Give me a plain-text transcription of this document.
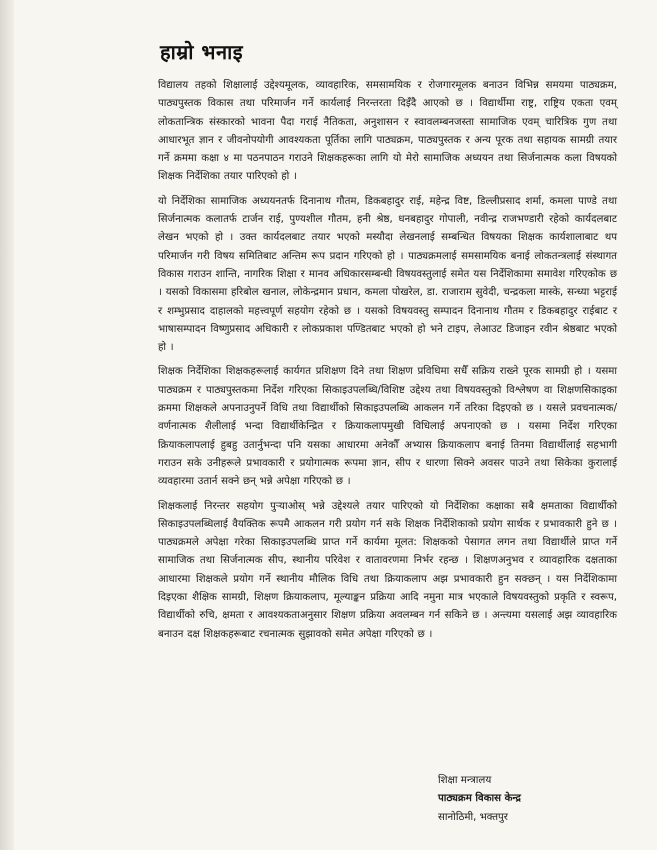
हाम्रो भनाइ

विद्यालय तहको शिक्षालाई उद्देश्यमूलक, व्यावहारिक, समसामयिक र रोजगारमूलक बनाउन विभिन्न समयमा पाठ्यक्रम, पाठ्यपुस्तक विकास तथा परिमार्जन गर्ने कार्यलाई निरन्तरता दिइँदै आएको छ । विद्यार्थीमा राष्ट्र, राष्ट्रिय एकता एवम् लोकतान्त्रिक संस्कारको भावना पैदा गराई नैतिकता, अनुशासन र स्वावलम्बनजस्ता सामाजिक एवम् चारित्रिक गुण तथा आधारभूत ज्ञान र जीवनोपयोगी आवश्यकता पूर्तिका लागि पाठ्यक्रम, पाठ्यपुस्तक र अन्य पूरक तथा सहायक सामग्री तयार गर्ने क्रममा कक्षा ४ मा पठनपाठन गराउने शिक्षकहरूका लागि यो मेरो सामाजिक अध्ययन तथा सिर्जनात्मक कला विषयको शिक्षक निर्देशिका तयार पारिएको हो ।

यो निर्देशिका सामाजिक अध्ययनतर्फ दिनानाथ गौतम, डिकबहादुर राई, महेन्द्र विष्ट, डिल्लीप्रसाद शर्मा, कमला पाण्डे तथा सिर्जनात्मक कलातर्फ टार्जन राई, पुण्यशील गौतम, हनी श्रेष्ठ, धनबहादुर गोपाली, नवीन्द्र राजभण्डारी रहेको कार्यदलबाट लेखन भएको हो । उक्त कार्यदलबाट तयार भएको मस्यौदा लेखनलाई सम्बन्धित विषयका शिक्षक कार्यशालाबाट थप परिमार्जन गरी विषय समितिबाट अन्तिम रूप प्रदान गरिएको हो । पाठ्यक्रमलाई समसामयिक बनाई लोकतन्त्रलाई संस्थागत विकास गराउन शान्ति, नागरिक शिक्षा र मानव अधिकारसम्बन्धी विषयवस्तुलाई समेत यस निर्देशिकामा समावेश गरिएकोक छ । यसको विकासमा हरिबोल खनाल, लोकेन्द्रमान प्रधान, कमला पोखरेल, डा. राजाराम सुवेदी, चन्द्रकला मास्के, सन्ध्या भट्टराई र शम्भुप्रसाद दाहालको महत्त्वपूर्ण सहयोग रहेको छ । यसको विषयवस्तु सम्पादन दिनानाथ गौतम र डिकबहादुर राईबाट र भाषासम्पादन विष्णुप्रसाद अधिकारी र लोकप्रकाश पण्डितबाट भएको हो भने टाइप, लेआउट डिजाइन रवीन श्रेष्ठबाट भएको हो ।

शिक्षक निर्देशिका शिक्षकहरूलाई कार्यगत प्रशिक्षण दिने तथा शिक्षण प्रविधिमा सधैँ सक्रिय राख्ने पूरक सामग्री हो । यसमा पाठ्यक्रम र पाठ्यपुस्तकमा निर्देश गरिएका सिकाइउपलब्धि/विशिष्ट उद्देश्य तथा विषयवस्तुको विश्लेषण वा शिक्षणसिकाइका क्रममा शिक्षकले अपनाउनुपर्ने विधि तथा विद्यार्थीको सिकाइउपलब्धि आकलन गर्ने तरिका दिइएको छ । यसले प्रवचनात्मक/वर्णनात्मक शैलीलाई भन्दा विद्यार्थीकेन्द्रित र क्रियाकलापमुखी विधिलाई अपनाएको छ । यसमा निर्देश गरिएका क्रियाकलापलाई हुबहु उतार्नुभन्दा पनि यसका आधारमा अनेकौँ अभ्यास क्रियाकलाप बनाई तिनमा विद्यार्थीलाई सहभागी गराउन सके उनीहरूले प्रभावकारी र प्रयोगात्मक रूपमा ज्ञान, सीप र धारणा सिक्ने अवसर पाउने तथा सिकेका कुरालाई व्यवहारमा उतार्न सक्ने छन् भन्ने अपेक्षा गरिएको छ ।

शिक्षकलाई निरन्तर सहयोग पुऱ्याओस् भन्ने उद्देश्यले तयार पारिएको यो निर्देशिका कक्षाका सबै क्षमताका विद्यार्थीको सिकाइउपलब्धिलाई वैयक्तिक रूपमै आकलन गरी प्रयोग गर्न सके शिक्षक निर्देशिकाको प्रयोग सार्थक र प्रभावकारी हुने छ । पाठ्यक्रमले अपेक्षा गरेका सिकाइउपलब्धि प्राप्त गर्ने कार्यमा मूलत: शिक्षकको पेसागत लगन तथा विद्यार्थीले प्राप्त गर्ने सामाजिक तथा सिर्जनात्मक सीप, स्थानीय परिवेश र वातावरणमा निर्भर रहन्छ । शिक्षणअनुभव र व्यावहारिक दक्षताका आधारमा शिक्षकले प्रयोग गर्ने स्थानीय मौलिक विधि तथा क्रियाकलाप अझ प्रभावकारी हुन सक्छन् । यस निर्देशिकामा दिइएका शैक्षिक सामग्री, शिक्षण क्रियाकलाप, मूल्याङ्कन प्रक्रिया आदि नमुना मात्र भएकाले विषयवस्तुको प्रकृति र स्वरूप, विद्यार्थीको रुचि, क्षमता र आवश्यकताअनुसार शिक्षण प्रक्रिया अवलम्बन गर्न सकिने छ । अन्त्यमा यसलाई अझ व्यावहारिक बनाउन दक्ष शिक्षकहरूबाट रचनात्मक सुझावको समेत अपेक्षा गरिएको छ ।

शिक्षा मन्त्रालय
पाठ्यक्रम विकास केन्द्र
सानोठिमी, भक्तपुर
